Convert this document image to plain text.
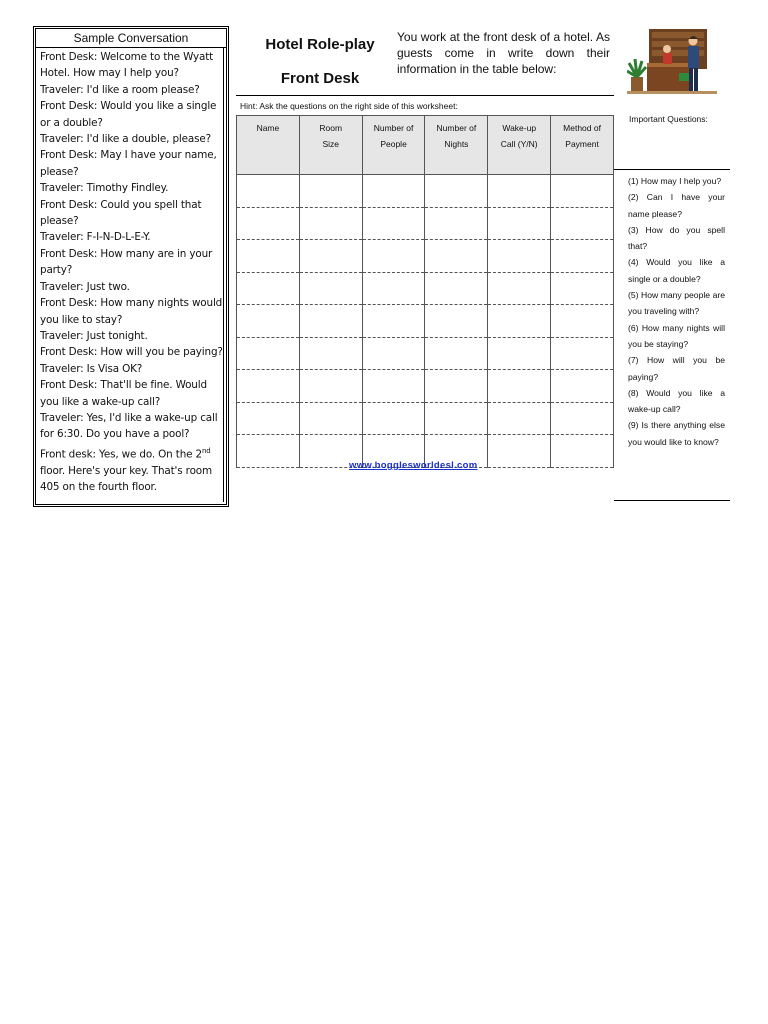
Sample Conversation
Front Desk: Welcome to the Wyatt
Hotel. How may I help you?
Traveler: I'd like a room please?
Front Desk: Would you like a single
or a double?
Traveler: I'd like a double, please?
Front Desk: May I have your name,
please?
Traveler: Timothy Findley.
Front Desk: Could you spell that
please?
Traveler: F-I-N-D-L-E-Y.
Front Desk: How many are in your
party?
Traveler: Just two.
Front Desk: How many nights would
you like to stay?
Traveler: Just tonight.
Front Desk: How will you be paying?
Traveler: Is Visa OK?
Front Desk: That'll be fine. Would
you like a wake-up call?
Traveler: Yes, I'd like a wake-up call
for 6:30. Do you have a pool?
Front desk: Yes, we do. On the 2nd
floor. Here's your key. That's room
405 on the fourth floor.
Hotel Role-play
Front Desk
You work at the front desk of a hotel. As guests come in write down their information in the table below:
Hint: Ask the questions on the right side of this worksheet:
Name	Room Size	Number of People	Number of Nights	Wake-up Call (Y/N)	Method of Payment

www.bogglesworldesl.com
Important Questions:
(1) How may I help you?
(2) Can I have your name please?
(3) How do you spell that?
(4) Would you like a single or a double?
(5) How many people are you traveling with?
(6) How many nights will you be staying?
(7) How will you be paying?
(8) Would you like a wake-up call?
(9) Is there anything else you would like to know?
